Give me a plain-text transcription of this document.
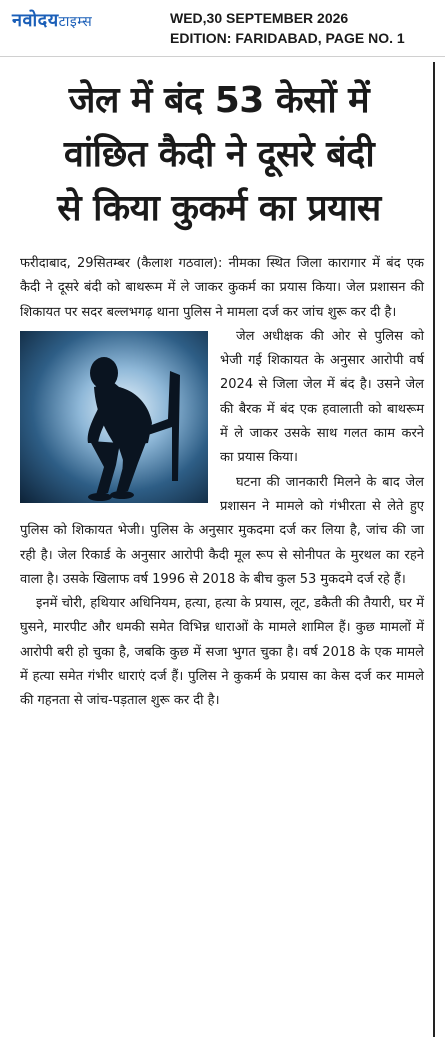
नवोदयटाइम्स	WED,30 SEPTEMBER 2026
EDITION: FARIDABAD, PAGE NO. 1
जेल में बंद 53 केसों में
वांछित कैदी ने दूसरे बंदी
से किया कुकर्म का प्रयास

फरीदाबाद, 29सितम्बर (कैलाश गठवाल): नीमका स्थित जिला कारागार में बंद एक कैदी ने दूसरे बंदी को बाथरूम में ले जाकर कुकर्म का प्रयास किया। जेल प्रशासन की शिकायत पर सदर बल्लभगढ़ थाना पुलिस ने मामला दर्ज कर जांच शुरू कर दी है।

जेल अधीक्षक की ओर से पुलिस को भेजी गई शिकायत के अनुसार आरोपी वर्ष 2024 से जिला जेल में बंद है। उसने जेल की बैरक में बंद एक हवालाती को बाथरूम में ले जाकर उसके साथ गलत काम करने का प्रयास किया।

घटना की जानकारी मिलने के बाद जेल प्रशासन ने मामले को गंभीरता से लेते हुए पुलिस को शिकायत भेजी। पुलिस के अनुसार मुकदमा दर्ज कर लिया है, जांच की जा रही है। जेल रिकार्ड के अनुसार आरोपी कैदी मूल रूप से सोनीपत के मुरथल का रहने वाला है। उसके खिलाफ वर्ष 1996 से 2018 के बीच कुल 53 मुकदमे दर्ज रहे हैं।

इनमें चोरी, हथियार अधिनियम, हत्या, हत्या के प्रयास, लूट, डकैती की तैयारी, घर में घुसने, मारपीट और धमकी समेत विभिन्न धाराओं के मामले शामिल हैं। कुछ मामलों में आरोपी बरी हो चुका है, जबकि कुछ में सजा भुगत चुका है। वर्ष 2018 के एक मामले में हत्या समेत गंभीर धाराएं दर्ज हैं। पुलिस ने कुकर्म के प्रयास का केस दर्ज कर मामले की गहनता से जांच-पड़ताल शुरू कर दी है।
